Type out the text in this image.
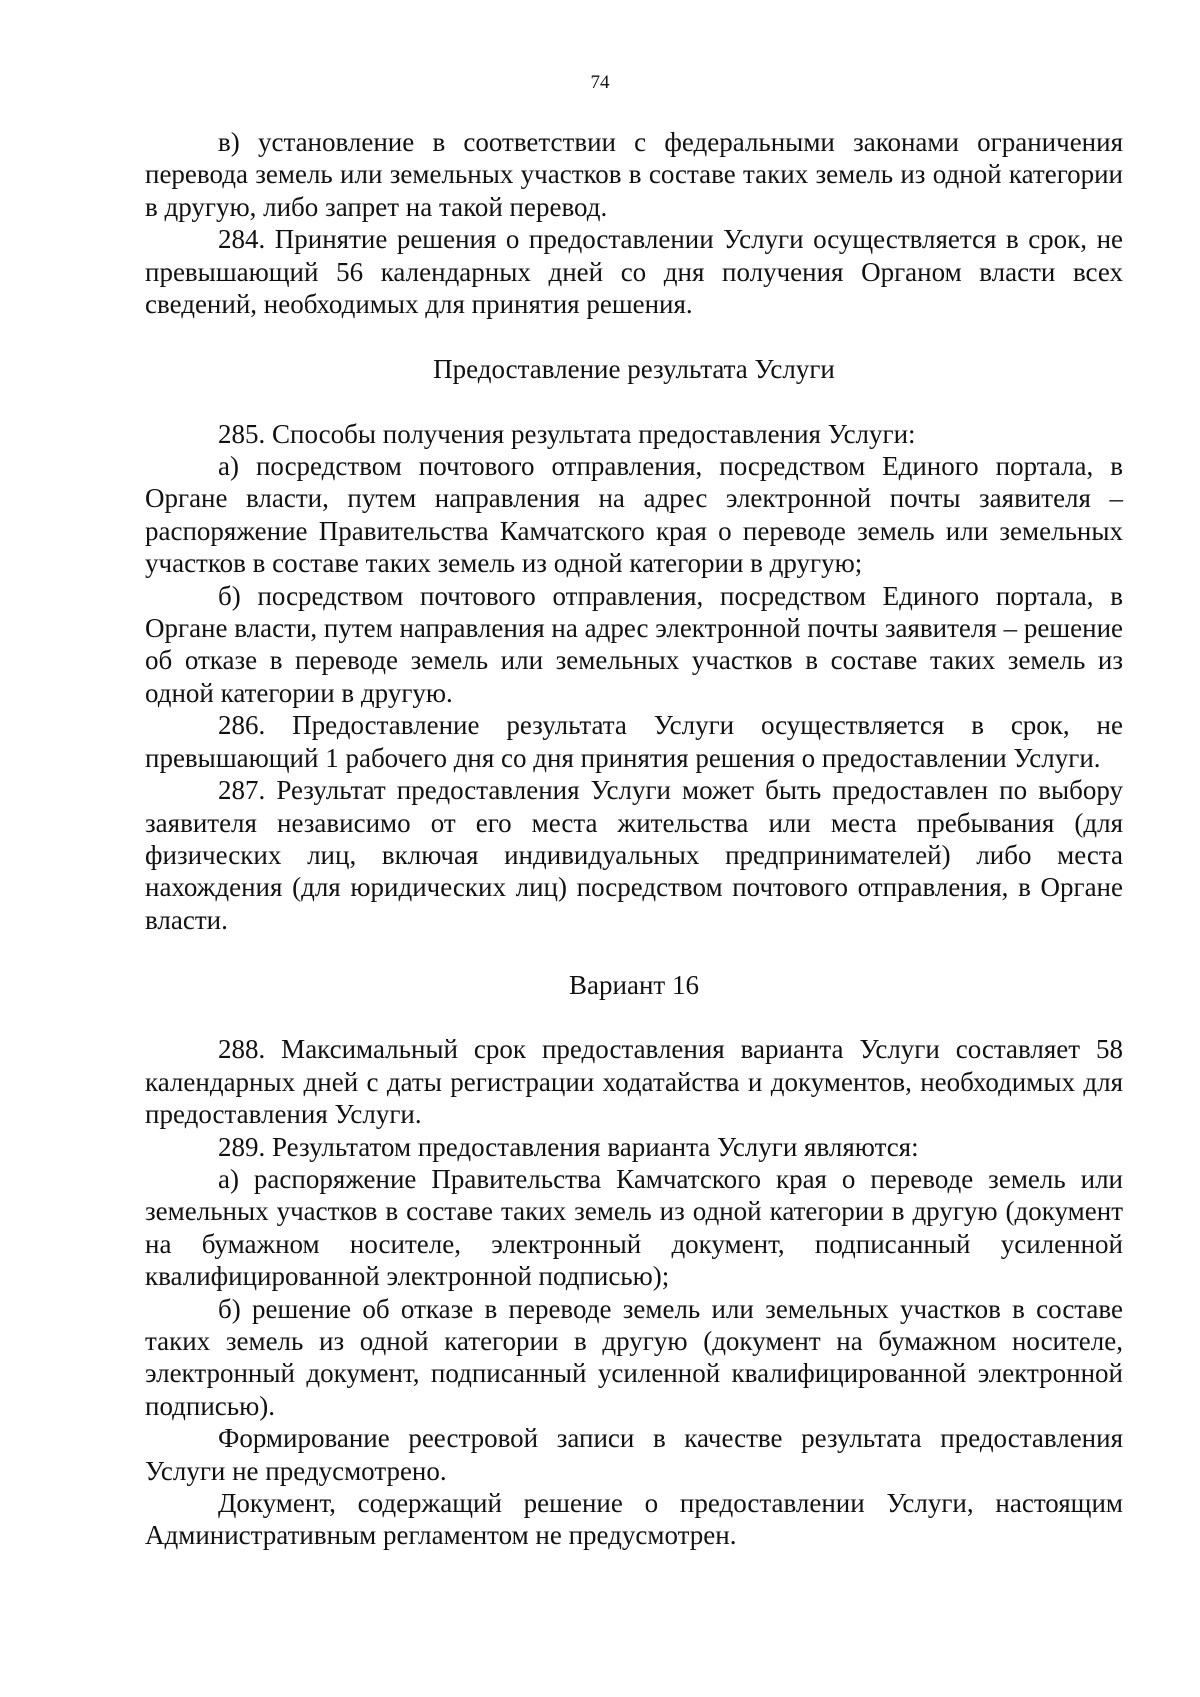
74

в) установление в соответствии с федеральными законами ограничения перевода земель или земельных участков в составе таких земель из одной категории в другую, либо запрет на такой перевод.

284. Принятие решения о предоставлении Услуги осуществляется в срок, не превышающий 56 календарных дней со дня получения Органом власти всех сведений, необходимых для принятия решения.

Предоставление результата Услуги

285. Способы получения результата предоставления Услуги:

а) посредством почтового отправления, посредством Единого портала, в Органе власти, путем направления на адрес электронной почты заявителя – распоряжение Правительства Камчатского края о переводе земель или земельных участков в составе таких земель из одной категории в другую;

б) посредством почтового отправления, посредством Единого портала, в Органе власти, путем направления на адрес электронной почты заявителя – решение об отказе в переводе земель или земельных участков в составе таких земель из одной категории в другую.

286. Предоставление результата Услуги осуществляется в срок, не превышающий 1 рабочего дня со дня принятия решения о предоставлении Услуги.

287. Результат предоставления Услуги может быть предоставлен по выбору заявителя независимо от его места жительства или места пребывания (для физических лиц, включая индивидуальных предпринимателей) либо места нахождения (для юридических лиц) посредством почтового отправления, в Органе власти.

Вариант 16

288. Максимальный срок предоставления варианта Услуги составляет 58 календарных дней с даты регистрации ходатайства и документов, необходимых для предоставления Услуги.

289. Результатом предоставления варианта Услуги являются:

а) распоряжение Правительства Камчатского края о переводе земель или земельных участков в составе таких земель из одной категории в другую (документ на бумажном носителе, электронный документ, подписанный усиленной квалифицированной электронной подписью);

б) решение об отказе в переводе земель или земельных участков в составе таких земель из одной категории в другую (документ на бумажном носителе, электронный документ, подписанный усиленной квалифицированной электронной подписью).

Формирование реестровой записи в качестве результата предоставления Услуги не предусмотрено.

Документ, содержащий решение о предоставлении Услуги, настоящим Административным регламентом не предусмотрен.
